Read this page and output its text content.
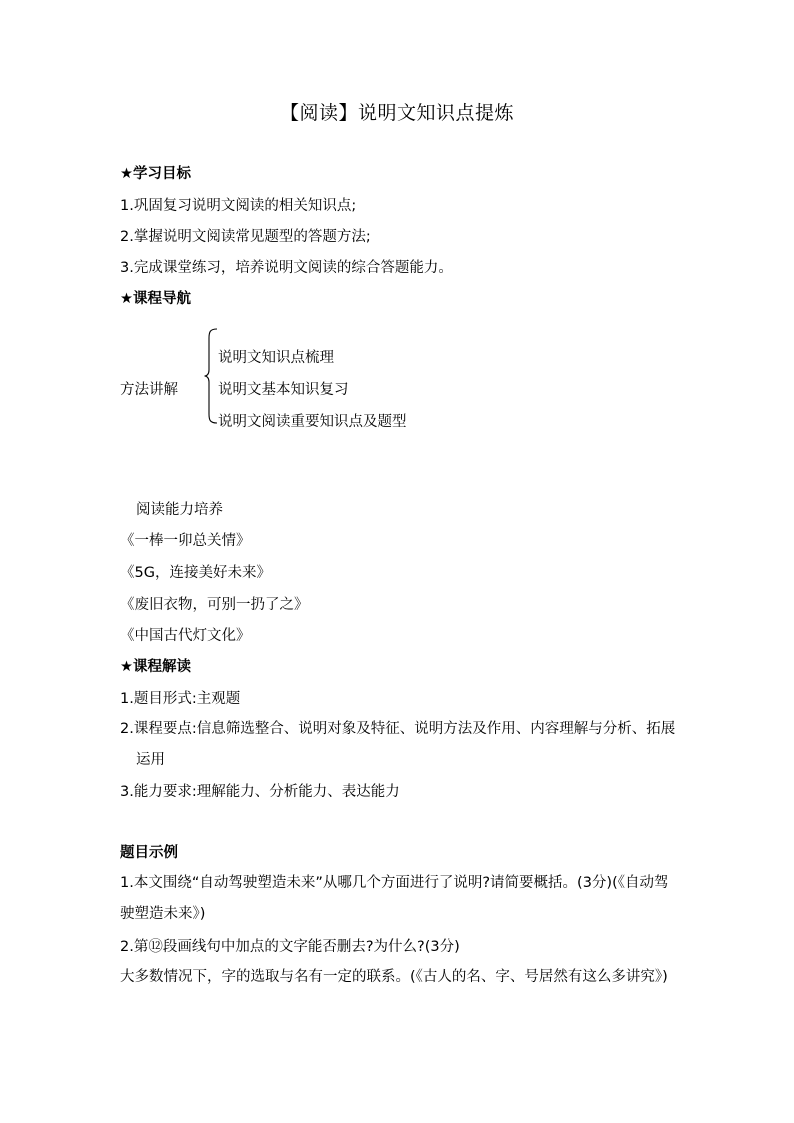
【阅读】说明文知识点提炼
★学习目标
1.巩固复习说明文阅读的相关知识点;
2.掌握说明文阅读常见题型的答题方法;
3.完成课堂练习，培养说明文阅读的综合答题能力。
★课程导航
方法讲解
说明文知识点梳理
说明文基本知识复习
说明文阅读重要知识点及题型
阅读能力培养
《一棒一卯总关情》
《5G，连接美好未来》
《废旧衣物，可别一扔了之》
《中国古代灯文化》
★课程解读
1.题目形式:主观题
2.课程要点:信息筛选整合、说明对象及特征、说明方法及作用、内容理解与分析、拓展运用
3.能力要求:理解能力、分析能力、表达能力
题目示例
1.本文围绕“自动驾驶塑造未来”从哪几个方面进行了说明?请简要概括。(3分)(《自动驾驶塑造未来》)
2.第⑫段画线句中加点的文字能否删去?为什么?(3分)
大多数情况下，字的选取与名有一定的联系。(《古人的名、字、号居然有这么多讲究》)
